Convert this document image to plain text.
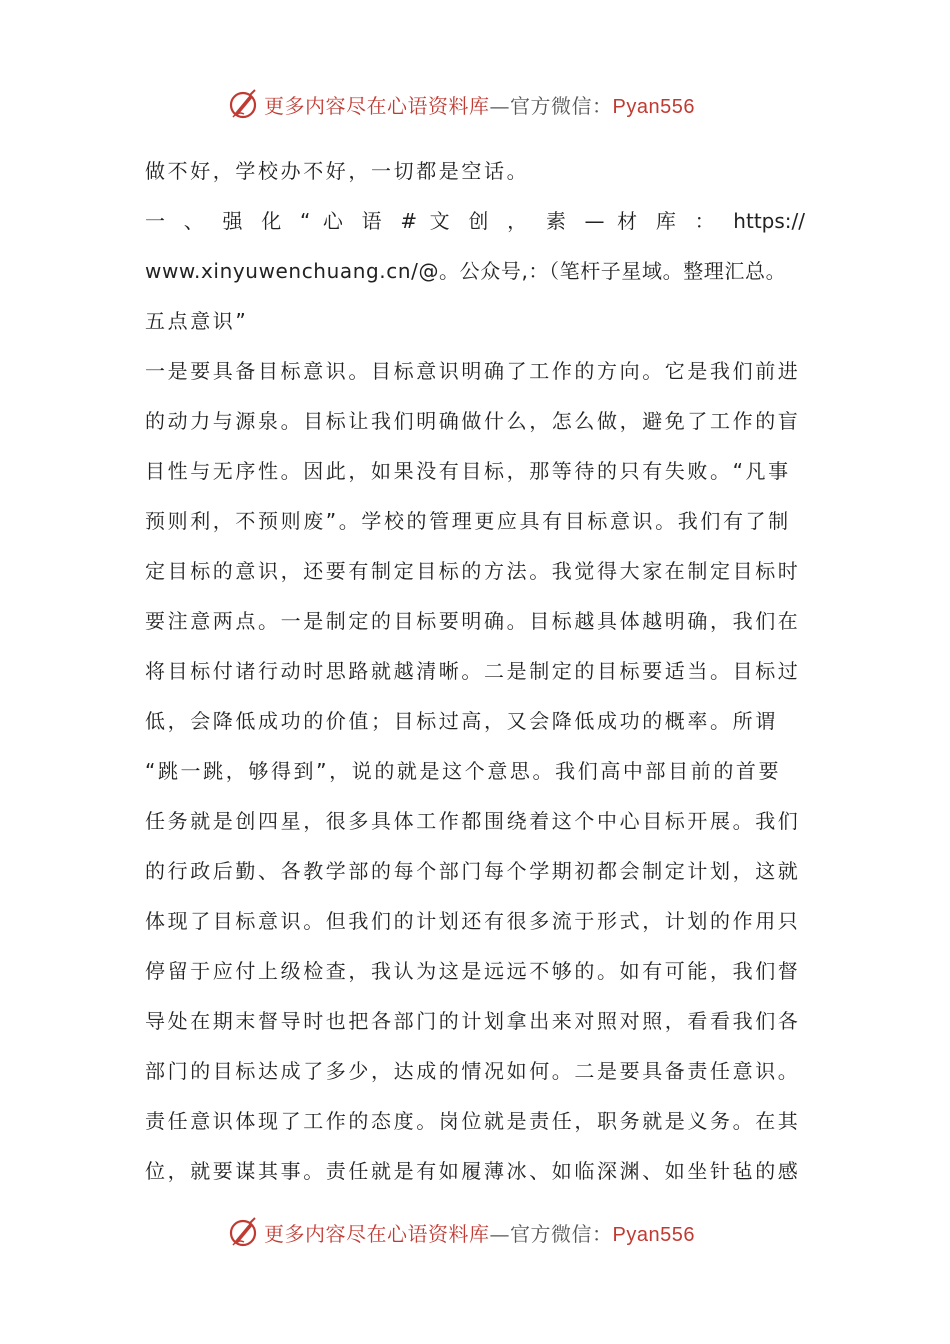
更多内容尽在心语资料库—官方微信：Pyan556
做不好，学校办不好，一切都是空话。
一 、 强 化 “ 心 语 # 文 创 ， 素 — 材 库 ： https://
www.xinyuwenchuang.cn/@。公众号,：（笔杆子星域。整理汇总。
五点意识”
一是要具备目标意识。目标意识明确了工作的方向。它是我们前进
的动力与源泉。目标让我们明确做什么，怎么做，避免了工作的盲
目性与无序性。因此，如果没有目标，那等待的只有失败。“凡事
预则利，不预则废”。学校的管理更应具有目标意识。我们有了制
定目标的意识，还要有制定目标的方法。我觉得大家在制定目标时
要注意两点。一是制定的目标要明确。目标越具体越明确，我们在
将目标付诸行动时思路就越清晰。二是制定的目标要适当。目标过
低，会降低成功的价值；目标过高，又会降低成功的概率。所谓
“跳一跳，够得到”，说的就是这个意思。我们高中部目前的首要
任务就是创四星，很多具体工作都围绕着这个中心目标开展。我们
的行政后勤、各教学部的每个部门每个学期初都会制定计划，这就
体现了目标意识。但我们的计划还有很多流于形式，计划的作用只
停留于应付上级检查，我认为这是远远不够的。如有可能，我们督
导处在期末督导时也把各部门的计划拿出来对照对照，看看我们各
部门的目标达成了多少，达成的情况如何。二是要具备责任意识。
责任意识体现了工作的态度。岗位就是责任，职务就是义务。在其
位，就要谋其事。责任就是有如履薄冰、如临深渊、如坐针毡的感
更多内容尽在心语资料库—官方微信：Pyan556
